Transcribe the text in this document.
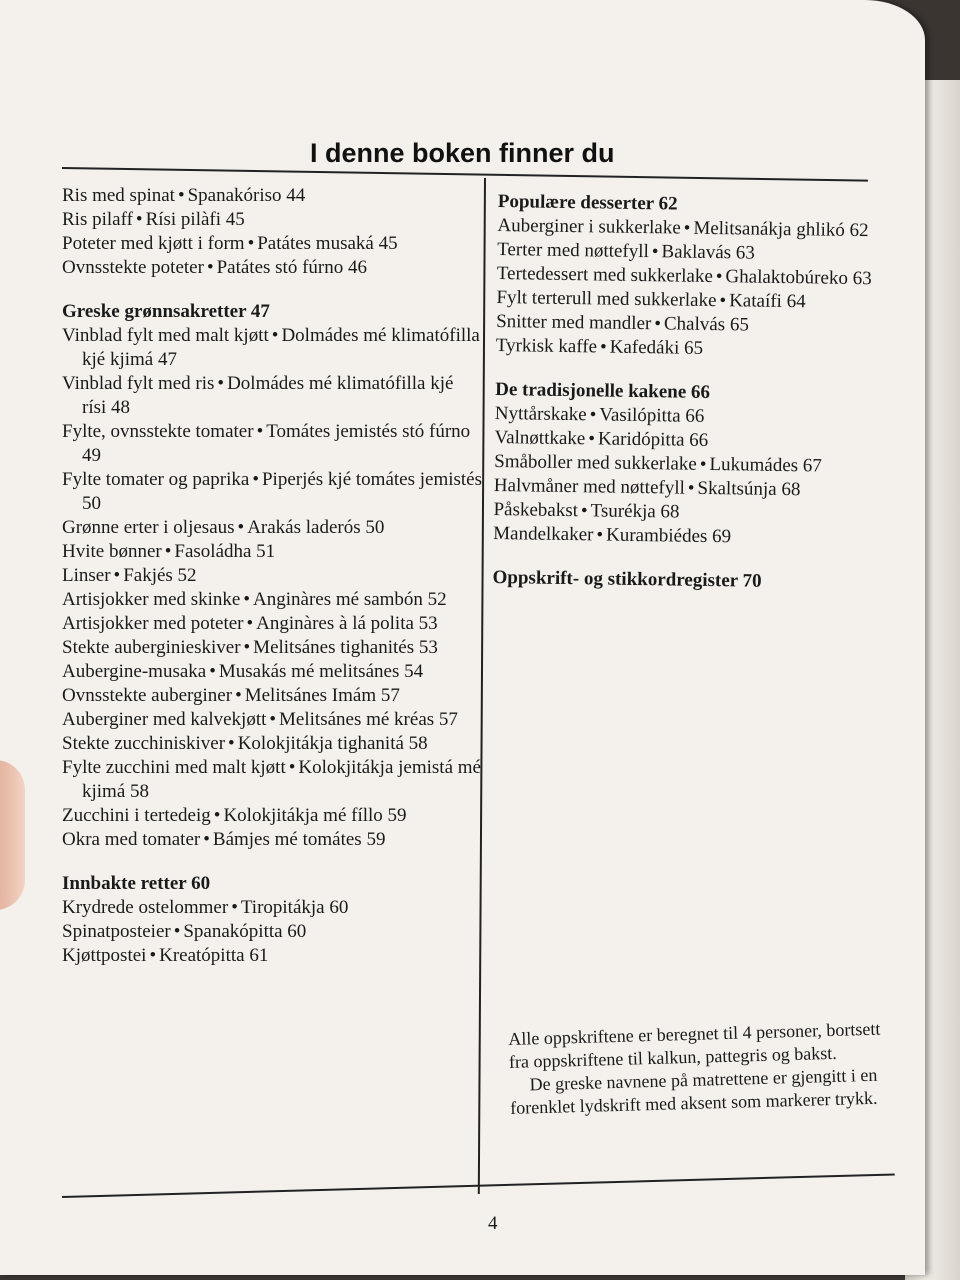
I denne boken finner du
Ris med spinat • Spanakóriso 44
Ris pilaff • Rísi pilàfi 45
Poteter med kjøtt i form • Patátes musaká 45
Ovnsstekte poteter • Patátes stó fúrno 46
Greske grønnsakretter 47
Vinblad fylt med malt kjøtt • Dolmádes mé klimatófilla kjé kjimá 47
Vinblad fylt med ris • Dolmádes mé klimatófilla kjé rísi 48
Fylte, ovnsstekte tomater • Tomátes jemistés stó fúrno 49
Fylte tomater og paprika • Piperjés kjé tomátes jemistés 50
Grønne erter i oljesaus • Arakás laderós 50
Hvite bønner • Fasoládha 51
Linser • Fakjés 52
Artisjokker med skinke • Anginàres mé sambón 52
Artisjokker med poteter • Anginàres à lá polita 53
Stekte auberginieskiver • Melitsánes tighanités 53
Aubergine-musaka • Musakás mé melitsánes 54
Ovnsstekte auberginer • Melitsánes Imám 57
Auberginer med kalvekjøtt • Melitsánes mé kréas 57
Stekte zucchiniskiver • Kolokjitákja tighanitá 58
Fylte zucchini med malt kjøtt • Kolokjitákja jemistá mé kjimá 58
Zucchini i tertedeig • Kolokjitákja mé fíllo 59
Okra med tomater • Bámjes mé tomátes 59
Innbakte retter 60
Krydrede ostelommer • Tiropitákja 60
Spinatposteier • Spanakópitta 60
Kjøttpostei • Kreatópitta 61
Populære desserter 62
Auberginer i sukkerlake • Melitsanákja ghlikó 62
Terter med nøttefyll • Baklavás 63
Tertedessert med sukkerlake • Ghalaktobúreko 63
Fylt terterull med sukkerlake • Kataífi 64
Snitter med mandler • Chalvás 65
Tyrkisk kaffe • Kafedáki 65
De tradisjonelle kakene 66
Nyttårskake • Vasilópitta 66
Valnøttkake • Karidópitta 66
Småboller med sukkerlake • Lukumádes 67
Halvmåner med nøttefyll • Skaltsúnja 68
Påskebakst • Tsurékja 68
Mandelkaker • Kurambiédes 69
Oppskrift- og stikkordregister 70

Alle oppskriftene er beregnet til 4 personer, bortsett fra oppskriftene til kalkun, pattegris og bakst.

De greske navnene på matrettene er gjengitt i en forenklet lydskrift med aksent som markerer trykk.

4
